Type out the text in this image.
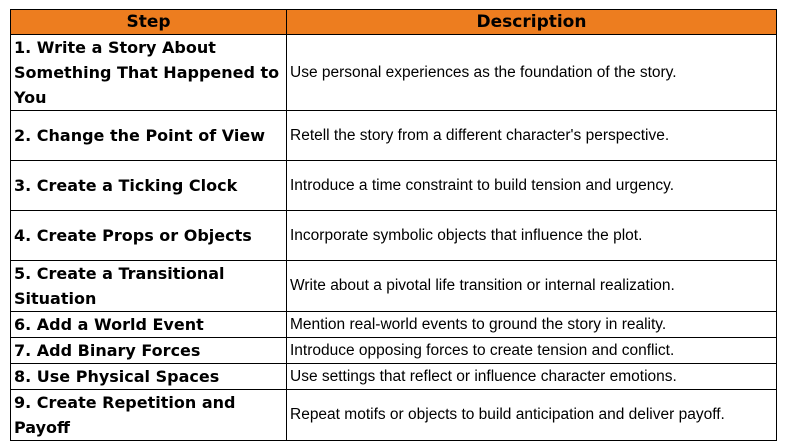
Step	Description
1. Write a Story About Something That Happened to You	Use personal experiences as the foundation of the story.
2. Change the Point of View	Retell the story from a different character's perspective.
3. Create a Ticking Clock	Introduce a time constraint to build tension and urgency.
4. Create Props or Objects	Incorporate symbolic objects that influence the plot.
5. Create a Transitional Situation	Write about a pivotal life transition or internal realization.
6. Add a World Event	Mention real-world events to ground the story in reality.
7. Add Binary Forces	Introduce opposing forces to create tension and conflict.
8. Use Physical Spaces	Use settings that reflect or influence character emotions.
9. Create Repetition and Payoff	Repeat motifs or objects to build anticipation and deliver payoff.
